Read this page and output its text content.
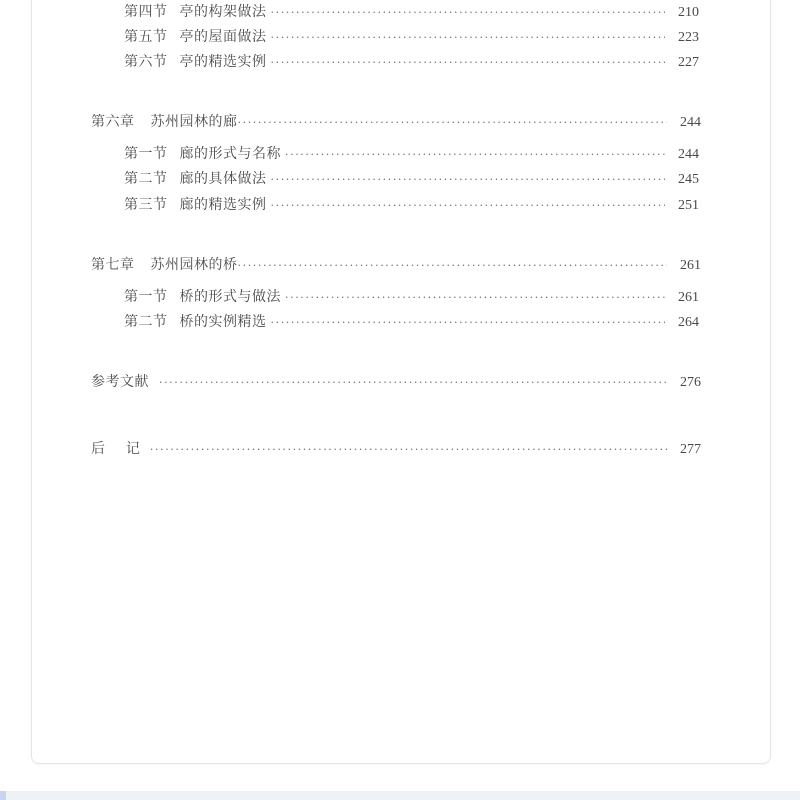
第四节 亭的构架做法 ·····	210
第五节 亭的屋面做法 ·····	223
第六节 亭的精选实例 ·····	227
第六章 苏州园林的廊 ·····	244
第一节 廊的形式与名称 ·····	244
第二节 廊的具体做法 ·····	245
第三节 廊的精选实例 ·····	251
第七章 苏州园林的桥 ·····	261
第一节 桥的形式与做法 ·····	261
第二节 桥的实例精选 ·····	264
参考文献 ·····	276
后  记 ·····	277
